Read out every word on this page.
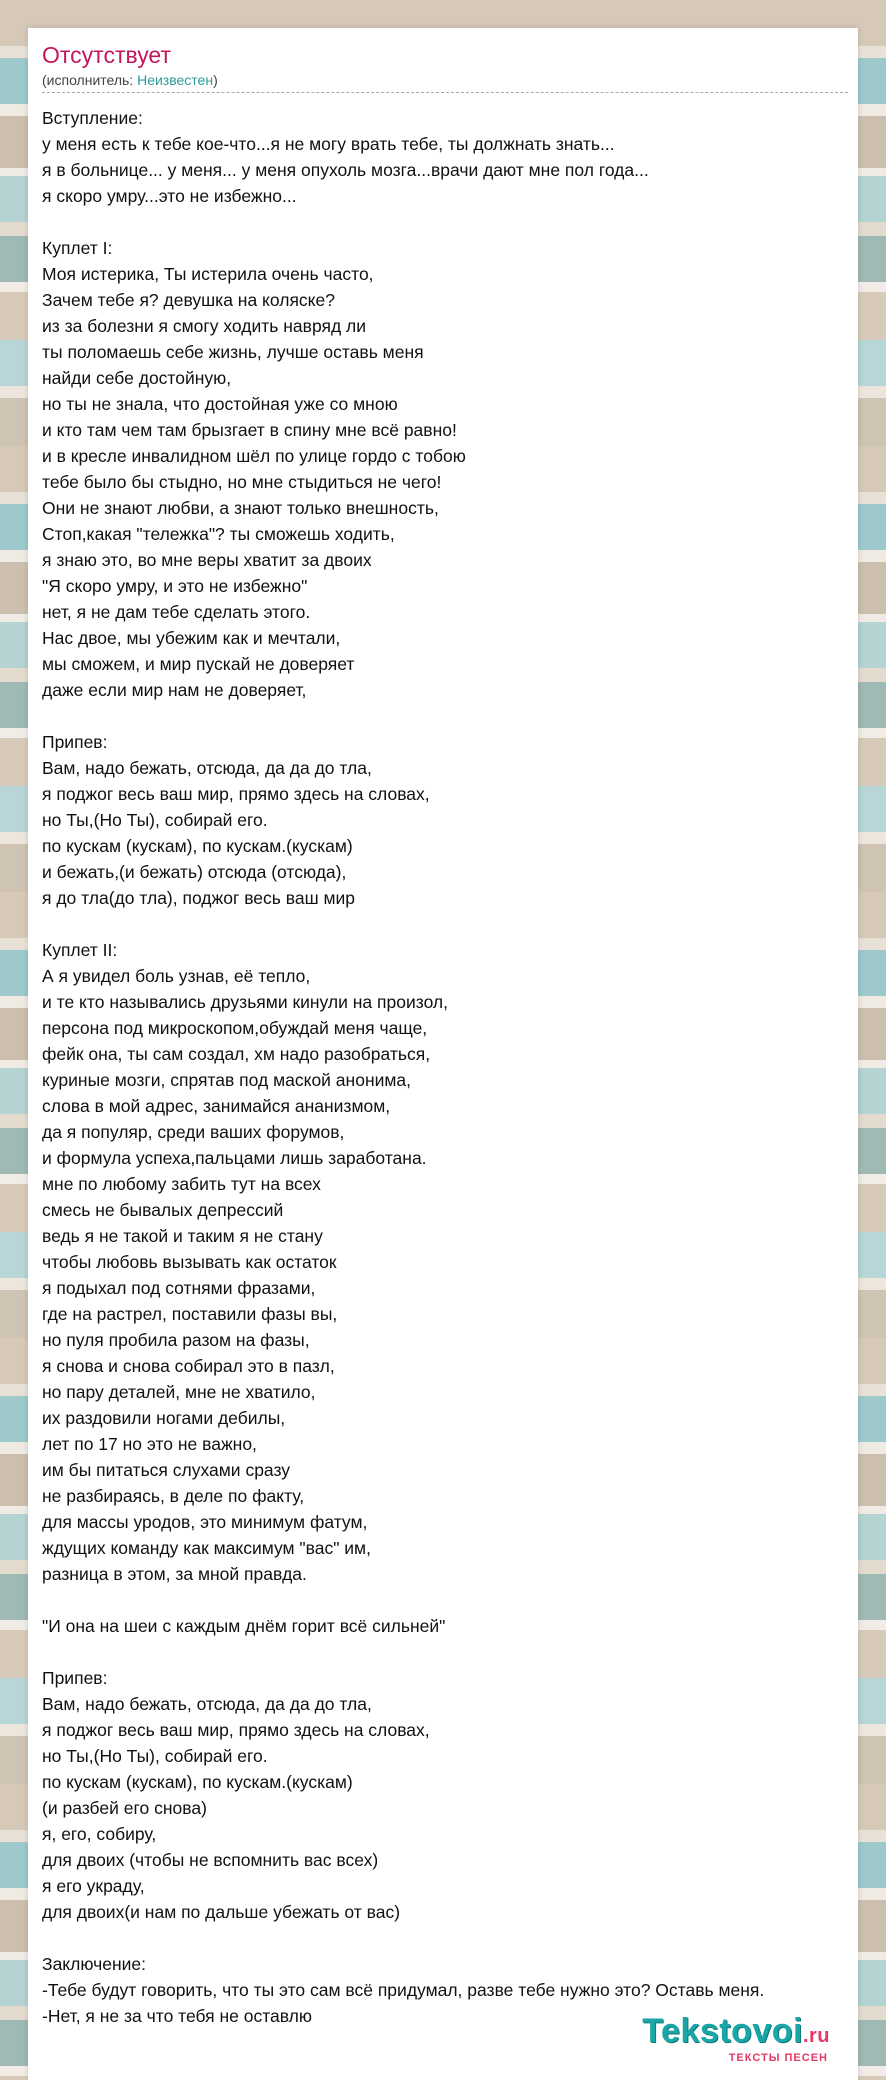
Отсутствует
(исполнитель: Неизвестен)
Вступление:
у меня есть к тебе кое-что...я не могу врать тебе, ты должнать знать...
я в больнице... у меня... у меня опухоль мозга...врачи дают мне пол года...
я скоро умру...это не избежно...
Куплет I:
Моя истерика, Ты истерила очень часто,
Зачем тебе я? девушка на коляске?
из за болезни я смогу ходить навряд ли
ты поломаешь себе жизнь, лучше оставь меня
найди себе достойную,
но ты не знала, что достойная уже со мною
и кто там чем там брызгает в спину мне всё равно!
и в кресле инвалидном шёл по улице гордо с тобою
тебе было бы стыдно, но мне стыдиться не чего!
Они не знают любви, а знают только внешность,
Стоп,какая "тележка"? ты сможешь ходить,
я знаю это, во мне веры хватит за двоих
"Я скоро умру, и это не избежно"
нет, я не дам тебе сделать этого.
Нас двое, мы убежим как и мечтали,
мы сможем, и мир пускай не доверяет
даже если мир нам не доверяет,
Припев:
Вам, надо бежать, отсюда, да да до тла,
я поджог весь ваш мир, прямо здесь на словах,
но Ты,(Но Ты), собирай его.
по кускам (кускам), по кускам.(кускам)
и бежать,(и бежать) отсюда (отсюда),
я до тла(до тла), поджог весь ваш мир
Куплет II:
А я увидел боль узнав, её тепло,
и те кто назывались друзьями кинули на произол,
персона под микроскопом,обуждай меня чаще,
фейк она, ты сам создал, хм надо разобраться,
куриные мозги, спрятав под маской анонима,
слова в мой адрес, занимайся ананизмом,
да я популяр, среди ваших форумов,
и формула успеха,пальцами лишь заработана.
мне по любому забить тут на всех
смесь не бывалых депрессий
ведь я не такой и таким я не стану
чтобы любовь вызывать как остаток
я подыхал под сотнями фразами,
где на растрел, поставили фазы вы,
но пуля пробила разом на фазы,
я снова и снова собирал это в пазл,
но пару деталей, мне не хватило,
их раздовили ногами дебилы,
лет по 17 но это не важно,
им бы питаться слухами сразу
не разбираясь, в деле по факту,
для массы уродов, это минимум фатум,
ждущих команду как максимум "вас" им,
разница в этом, за мной правда.
"И она на шеи с каждым днём горит всё сильней"
Припев:
Вам, надо бежать, отсюда, да да до тла,
я поджог весь ваш мир, прямо здесь на словах,
но Ты,(Но Ты), собирай его.
по кускам (кускам), по кускам.(кускам)
(и разбей его снова)
я, его, собиру,
для двоих (чтобы не вспомнить вас всех)
я его украду,
для двоих(и нам по дальше убежать от вас)
Заключение:
-Тебе будут говорить, что ты это сам всё придумал, разве тебе нужно это? Оставь меня.
-Нет, я не за что тебя не оставлю	Tekstovoi.ru
ТЕКСТЫ ПЕСЕН
